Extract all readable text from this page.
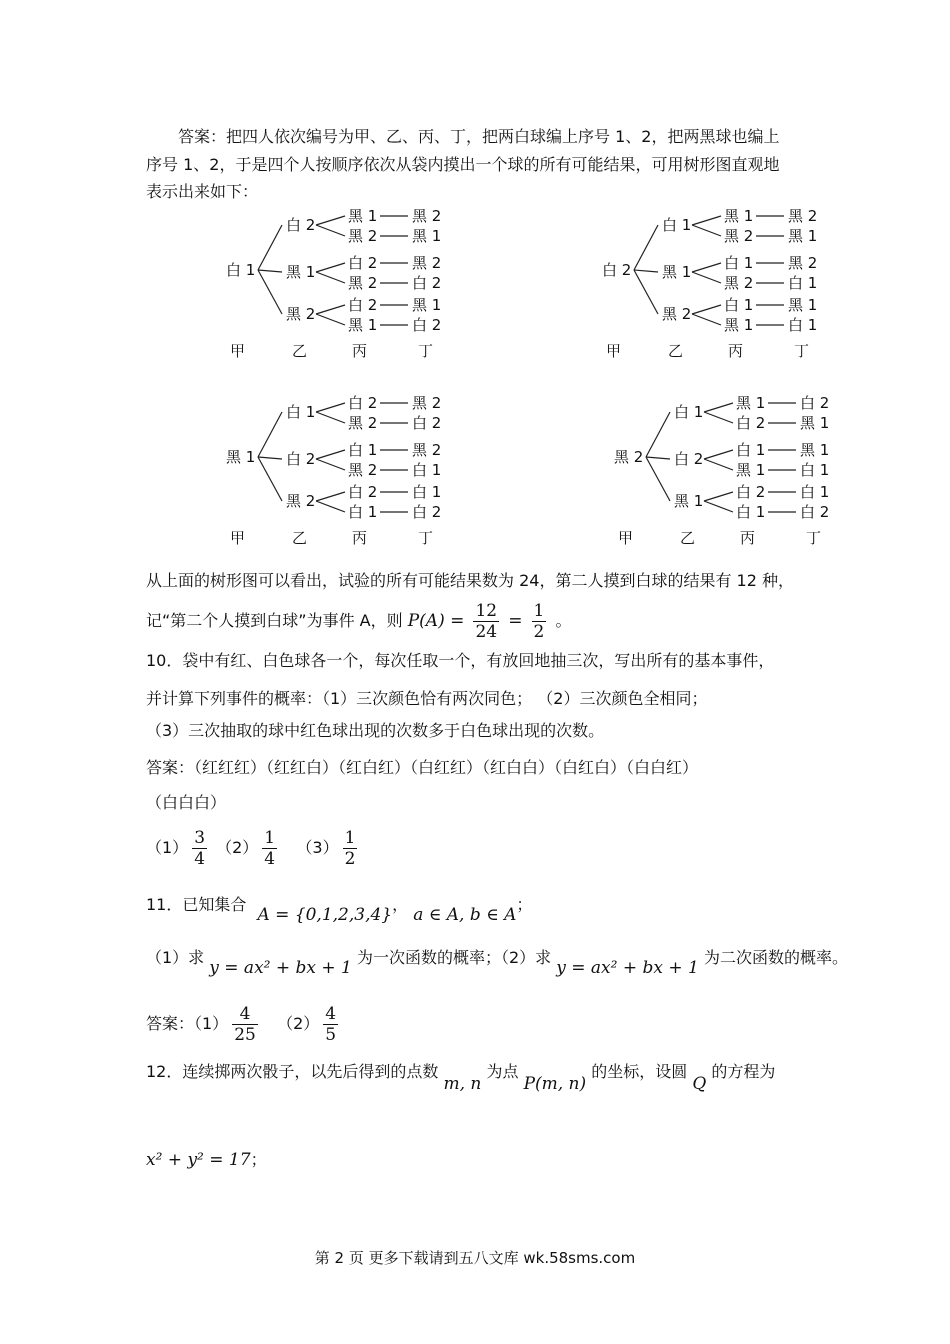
答案：把四人依次编号为甲、乙、丙、丁，把两白球编上序号 1、2，把两黑球也编上
序号 1、2，于是四个人按顺序依次从袋内摸出一个球的所有可能结果，可用树形图直观地
表示出来如下：
白 1
白 2 黑 1 黑 2
黑 2 黑 1
黑 1 白 2 黑 2
黑 2 白 2
黑 2 白 2 黑 1
黑 1 白 2
甲	乙	丙	丁
白 2
白 1 黑 1 黑 2
黑 2 黑 1
黑 1 白 1 黑 2
黑 2 白 1
黑 2 白 1 黑 1
黑 1 白 1
甲	乙	丙	丁
黑 1
白 1 白 2 黑 2
黑 2 白 2
白 2 白 1 黑 2
黑 2 白 1
黑 2 白 2 白 1
白 1 白 2
甲	乙	丙	丁
黑 2
白 1 黑 1 白 2
白 2 黑 1
白 2 白 1 黑 1
黑 1 白 1
黑 1 白 2 白 1
白 1 白 2
甲	乙	丙	丁
从上面的树形图可以看出，试验的所有可能结果数为 24，第二人摸到白球的结果有 12 种，
记“第二个人摸到白球”为事件 A，则 $P(A) = \frac{12}{24} = \frac{1}{2}$ 。
10．袋中有红、白色球各一个，每次任取一个，有放回地抽三次，写出所有的基本事件，
并计算下列事件的概率：（1）三次颜色恰有两次同色； （2）三次颜色全相同；
（3）三次抽取的球中红色球出现的次数多于白色球出现的次数。
答案：（红红红）（红红白）（红白红）（白红红）（红白白）（白红白）（白白红）
（白白白）
$(1) \frac{3}{4} (2) \frac{1}{4} (3) \frac{1}{2}$
11．已知集合 A = {0,1,2,3,4}， a ∈ A, b ∈ A；
（1）求 y = ax² + bx + 1 为一次函数的概率；（2）求 y = ax² + bx + 1 为二次函数的概率。
答案：$(1) \frac{4}{25} (2) \frac{4}{5}$
12．连续掷两次骰子，以先后得到的点数 m, n 为点 P(m, n) 的坐标，设圆 Q 的方程为
x² + y² = 17；
第 2 页 更多下载请到五八文库 wk.58sms.com
